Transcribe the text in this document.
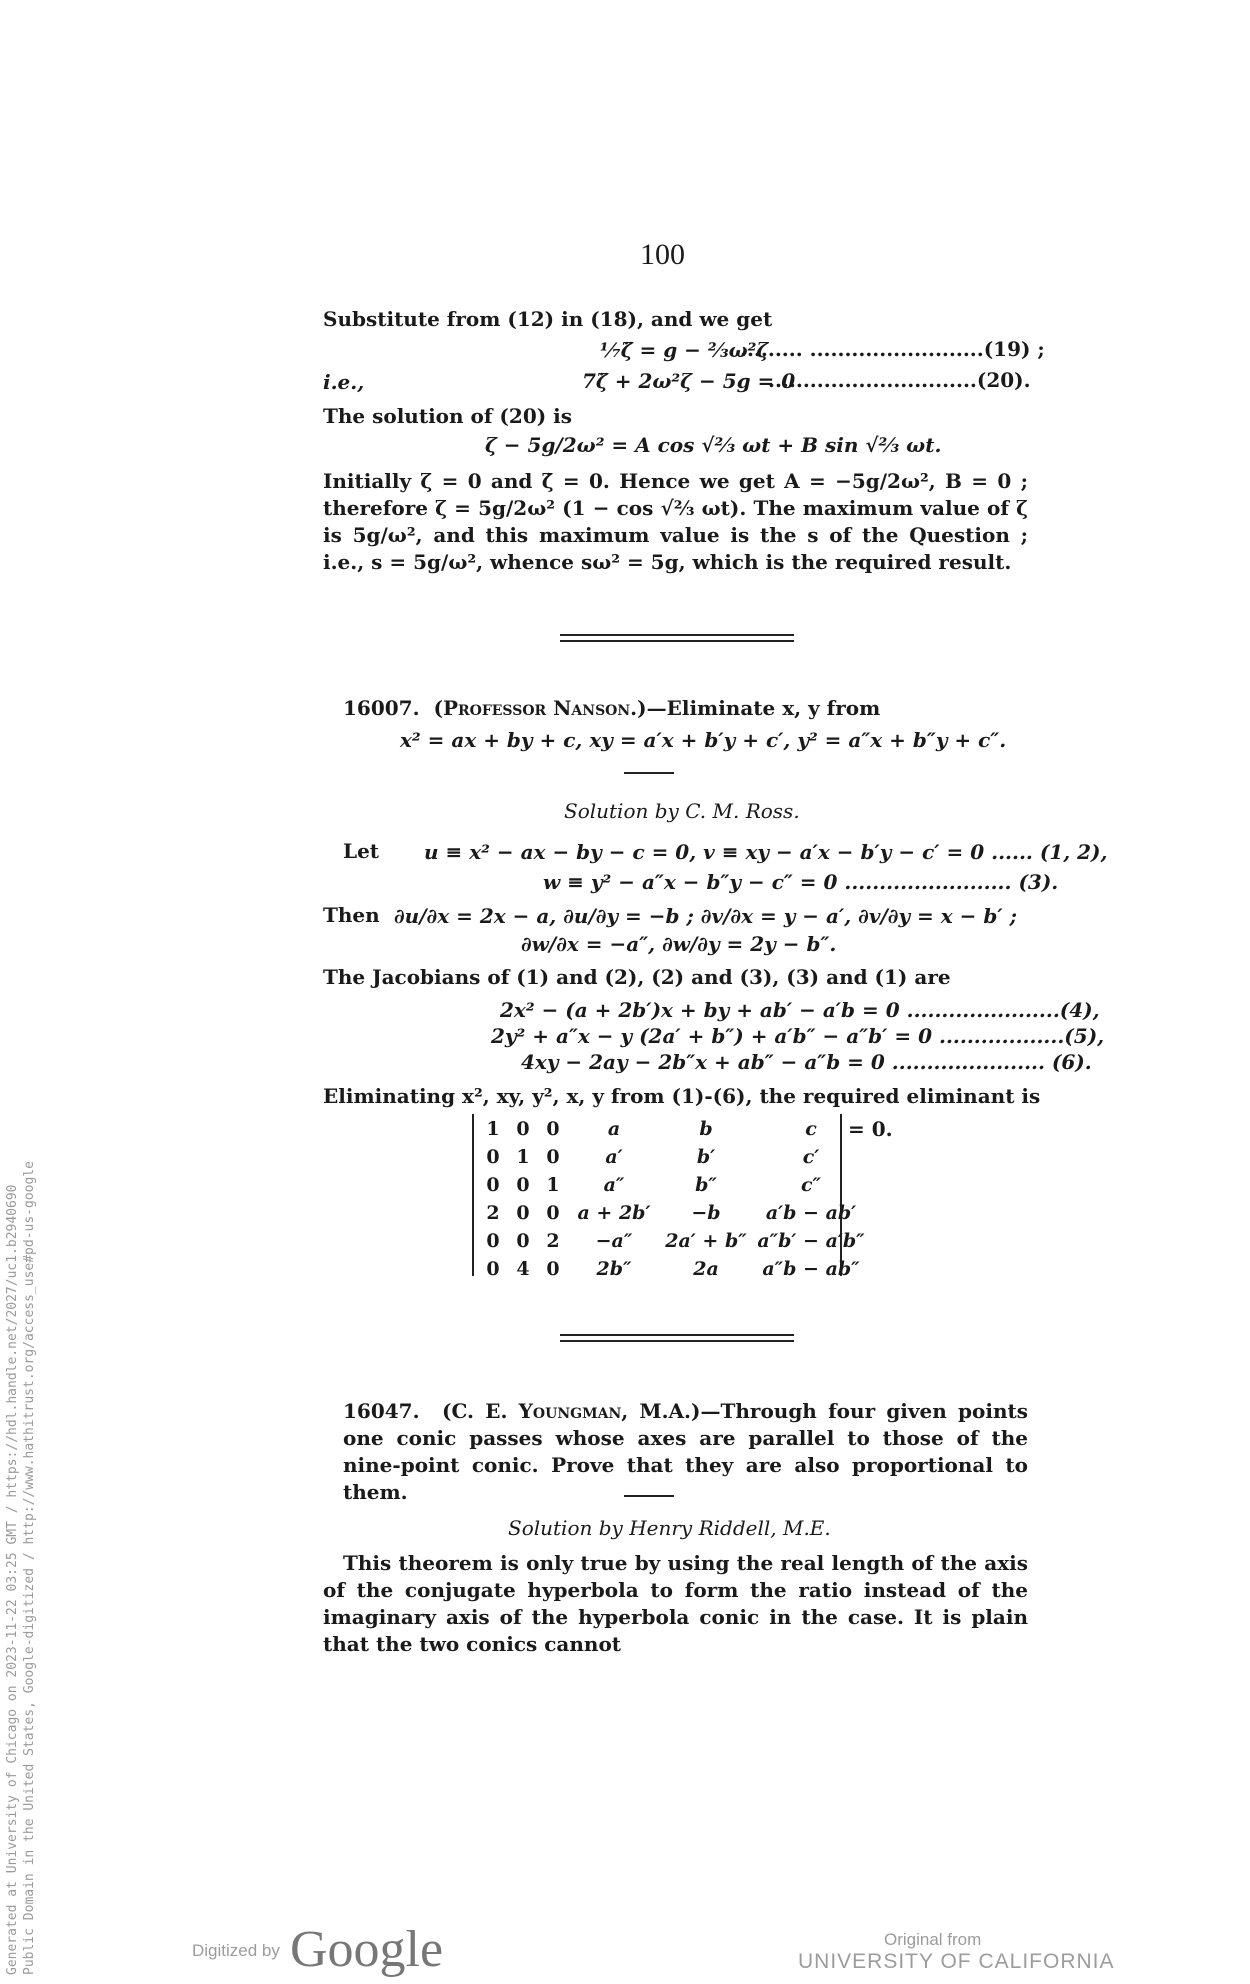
100
Substitute from (12) in (18), and we get
⅐ζ̈ = g − ⅔ω²ζ
......... .........................(19) ;
i.e.,	7ζ̈ + 2ω²ζ − 5g = 0
..............................(20).
The solution of (20) is
ζ − 5g/2ω² = A cos √⅔ ωt + B sin √⅔ ωt.
Initially ζ = 0 and ζ̇ = 0. Hence we get A = −5g/2ω², B = 0 ; therefore ζ = 5g/2ω² (1 − cos √⅔ ωt). The maximum value of ζ is 5g/ω², and this maximum value is the s of the Question ; i.e., s = 5g/ω², whence sω² = 5g, which is the required result.
16007. (Professor Nanson.)—Eliminate x, y from
x² = ax + by + c, xy = a′x + b′y + c′, y² = a″x + b″y + c″.
Solution by C. M. Ross.
Let u ≡ x² − ax − by − c = 0, v ≡ xy − a′x − b′y − c′ = 0 ...... (1, 2),
w ≡ y² − a″x − b″y − c″ = 0 ........................ (3).
Then ∂u/∂x = 2x − a, ∂u/∂y = −b ; ∂v/∂x = y − a′, ∂v/∂y = x − b′ ;
∂w/∂x = −a″, ∂w/∂y = 2y − b″.
The Jacobians of (1) and (2), (2) and (3), (3) and (1) are
2x² − (a + 2b′)x + by + ab′ − a′b = 0 ......................(4),
2y² + a″x − y (2a′ + b″) + a′b″ − a″b′ = 0 ..................(5),
4xy − 2ay − 2b″x + ab″ − a″b = 0 ...................... (6).
Eliminating x², xy, y², x, y from (1)-(6), the required eliminant is
1	0	0	a	b	c
0	1	0	a′	b′	c′
0	0	1	a″	b″	c″
2	0	0	a + 2b′	−b	a′b − ab′
0	0	2	−a″	2a′ + b″	a″b′ − a′b″
0	4	0	2b″	2a	a″b − ab″
= 0.
16047. (C. E. Youngman, M.A.)—Through four given points one conic passes whose axes are parallel to those of the nine-point conic. Prove that they are also proportional to them.
Solution by Henry Riddell, M.E.
This theorem is only true by using the real length of the axis of the conjugate hyperbola to form the ratio instead of the imaginary axis of the hyperbola conic in the case. It is plain that the two conics cannot
Generated at University of Chicago on 2023-11-22 03:25 GMT / https://hdl.handle.net/2027/uc1.b2940690 Public Domain in the United States, Google-digitized / http://www.hathitrust.org/access_use#pd-us-google	Digitized by Google	Original from
UNIVERSITY OF CALIFORNIA
